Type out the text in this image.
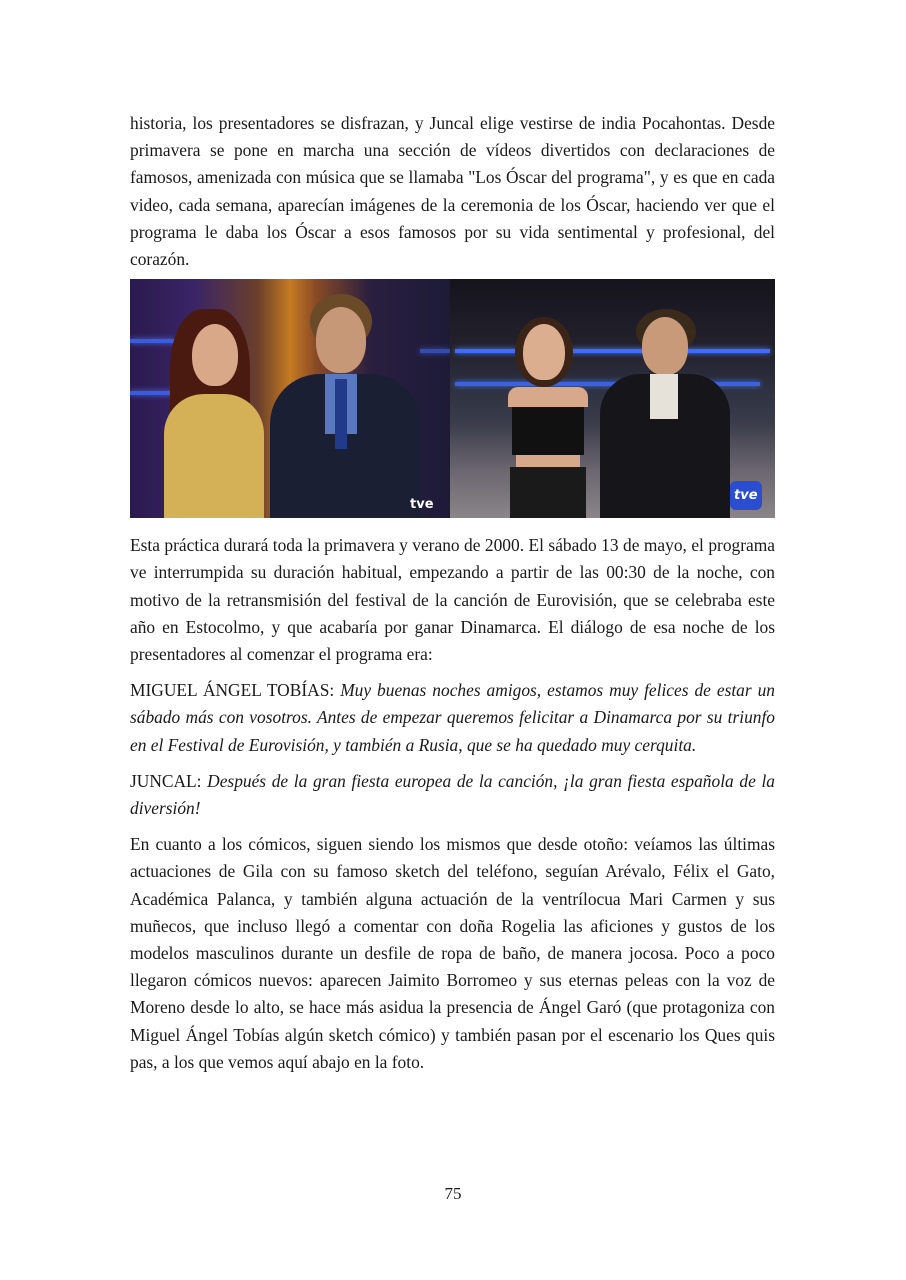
historia, los presentadores se disfrazan, y Juncal elige vestirse de india Pocahontas. Desde primavera se pone en marcha una sección de vídeos divertidos con declaraciones de famosos, amenizada con música que se llamaba "Los Óscar del programa", y es que en cada video, cada semana, aparecían imágenes de la ceremonia de los Óscar, haciendo ver que el programa le daba los Óscar a esos famosos por su vida sentimental y profesional, del corazón.

tve
tve

Esta práctica durará toda la primavera y verano de 2000. El sábado 13 de mayo, el programa ve interrumpida su duración habitual, empezando a partir de las 00:30 de la noche, con motivo de la retransmisión del festival de la canción de Eurovisión, que se celebraba este año en Estocolmo, y que acabaría por ganar Dinamarca. El diálogo de esa noche de los presentadores al comenzar el programa era:

MIGUEL ÁNGEL TOBÍAS: Muy buenas noches amigos, estamos muy felices de estar un sábado más con vosotros. Antes de empezar queremos felicitar a Dinamarca por su triunfo en el Festival de Eurovisión, y también a Rusia, que se ha quedado muy cerquita.

JUNCAL: Después de la gran fiesta europea de la canción, ¡la gran fiesta española de la diversión!

En cuanto a los cómicos, siguen siendo los mismos que desde otoño: veíamos las últimas actuaciones de Gila con su famoso sketch del teléfono, seguían Arévalo, Félix el Gato, Académica Palanca, y también alguna actuación de la ventrílocua Mari Carmen y sus muñecos, que incluso llegó a comentar con doña Rogelia las aficiones y gustos de los modelos masculinos durante un desfile de ropa de baño, de manera jocosa. Poco a poco llegaron cómicos nuevos: aparecen Jaimito Borromeo y sus eternas peleas con la voz de Moreno desde lo alto, se hace más asidua la presencia de Ángel Garó (que protagoniza con Miguel Ángel Tobías algún sketch cómico) y también pasan por el escenario los Ques quis pas, a los que vemos aquí abajo en la foto.

75
